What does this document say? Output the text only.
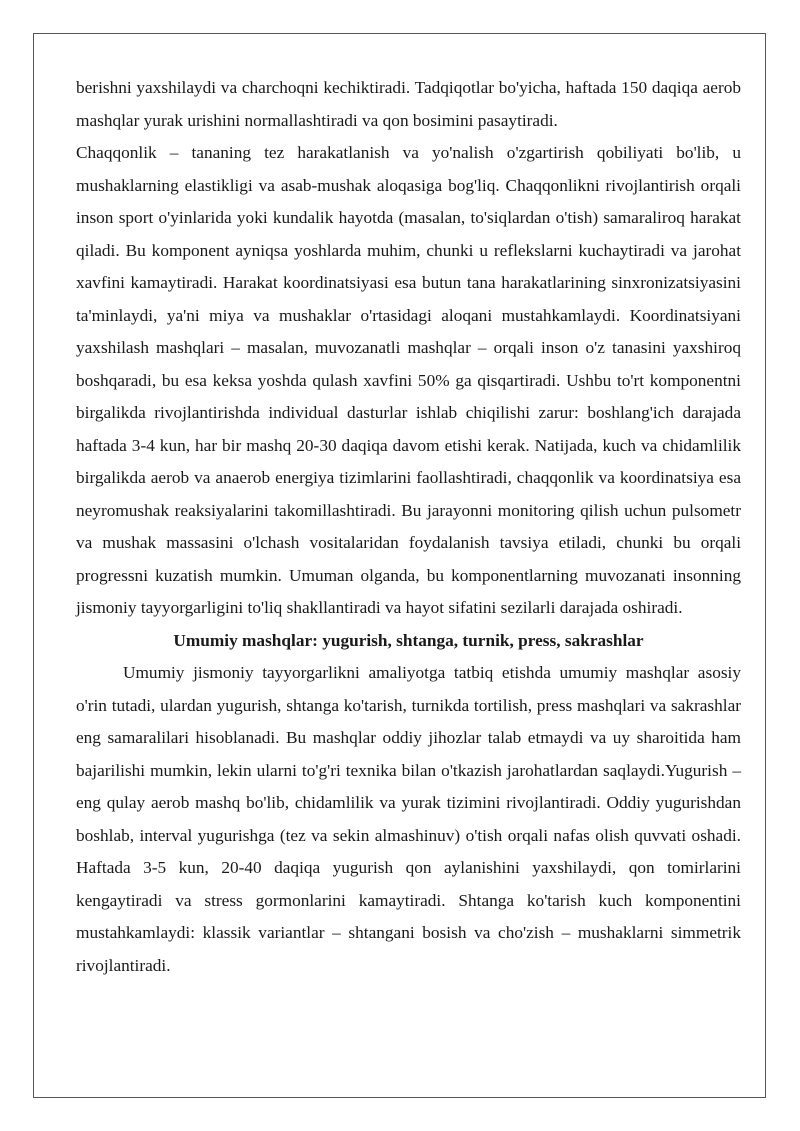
berishni yaxshilaydi va charchoqni kechiktiradi. Tadqiqotlar bo'yicha, haftada 150 daqiqa aerob mashqlar yurak urishini normallashtiradi va qon bosimini pasaytiradi.

Chaqqonlik – tananing tez harakatlanish va yo'nalish o'zgartirish qobiliyati bo'lib, u mushaklarning elastikligi va asab-mushak aloqasiga bog'liq. Chaqqonlikni rivojlantirish orqali inson sport o'yinlarida yoki kundalik hayotda (masalan, to'siqlardan o'tish) samaraliroq harakat qiladi. Bu komponent ayniqsa yoshlarda muhim, chunki u reflekslarni kuchaytiradi va jarohat xavfini kamaytiradi. Harakat koordinatsiyasi esa butun tana harakatlarining sinxronizatsiyasini ta'minlaydi, ya'ni miya va mushaklar o'rtasidagi aloqani mustahkamlaydi. Koordinatsiyani yaxshilash mashqlari – masalan, muvozanatli mashqlar – orqali inson o'z tanasini yaxshiroq boshqaradi, bu esa keksa yoshda qulash xavfini 50% ga qisqartiradi. Ushbu to'rt komponentni birgalikda rivojlantirishda individual dasturlar ishlab chiqilishi zarur: boshlang'ich darajada haftada 3-4 kun, har bir mashq 20-30 daqiqa davom etishi kerak. Natijada, kuch va chidamlilik birgalikda aerob va anaerob energiya tizimlarini faollashtiradi, chaqqonlik va koordinatsiya esa neyromushak reaksiyalarini takomillashtiradi. Bu jarayonni monitoring qilish uchun pulsometr va mushak massasini o'lchash vositalaridan foydalanish tavsiya etiladi, chunki bu orqali progressni kuzatish mumkin. Umuman olganda, bu komponentlarning muvozanati insonning jismoniy tayyorgarligini to'liq shakllantiradi va hayot sifatini sezilarli darajada oshiradi.

Umumiy mashqlar: yugurish, shtanga, turnik, press, sakrashlar

Umumiy jismoniy tayyorgarlikni amaliyotga tatbiq etishda umumiy mashqlar asosiy o'rin tutadi, ulardan yugurish, shtanga ko'tarish, turnikda tortilish, press mashqlari va sakrashlar eng samaralilari hisoblanadi. Bu mashqlar oddiy jihozlar talab etmaydi va uy sharoitida ham bajarilishi mumkin, lekin ularni to'g'ri texnika bilan o'tkazish jarohatlardan saqlaydi.Yugurish – eng qulay aerob mashq bo'lib, chidamlilik va yurak tizimini rivojlantiradi. Oddiy yugurishdan boshlab, interval yugurishga (tez va sekin almashinuv) o'tish orqali nafas olish quvvati oshadi. Haftada 3-5 kun, 20-40 daqiqa yugurish qon aylanishini yaxshilaydi, qon tomirlarini kengaytiradi va stress gormonlarini kamaytiradi. Shtanga ko'tarish kuch komponentini mustahkamlaydi: klassik variantlar – shtangani bosish va cho'zish – mushaklarni simmetrik rivojlantiradi.
